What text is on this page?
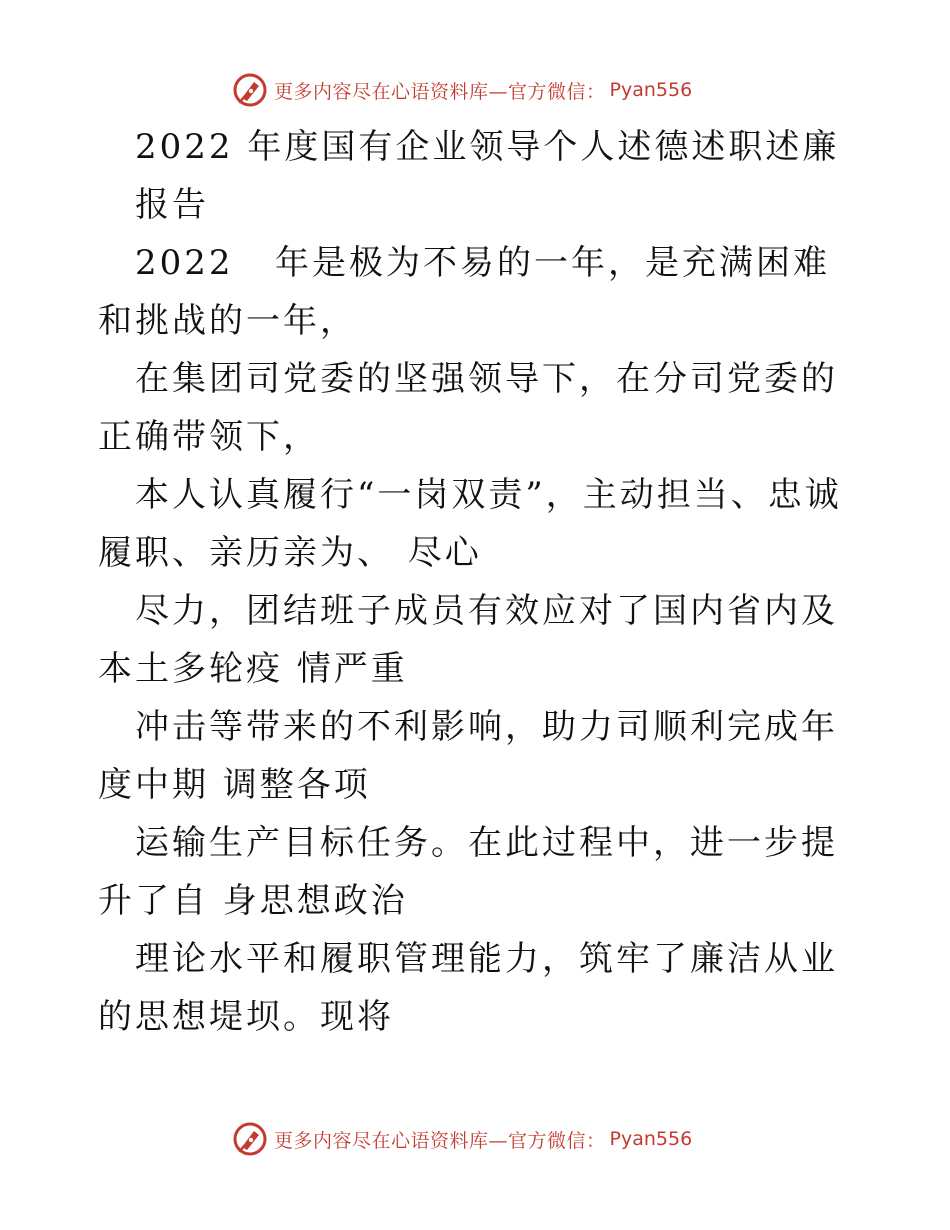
更多内容尽在心语资料库—官方微信： Pyan556

2022 年度国有企业领导个人述德述职述廉

报告

2022   年是极为不易的一年，是充满困难和挑战的一年，

在集团司党委的坚强领导下，在分司党委的正确带领下，

本人认真履行“一岗双责”，主动担当、忠诚履职、亲历亲为、 尽心

尽力，团结班子成员有效应对了国内省内及本土多轮疫 情严重

冲击等带来的不利影响，助力司顺利完成年度中期 调整各项

运输生产目标任务。在此过程中，进一步提升了自 身思想政治

理论水平和履职管理能力，筑牢了廉洁从业的思想堤坝。现将

更多内容尽在心语资料库—官方微信： Pyan556
